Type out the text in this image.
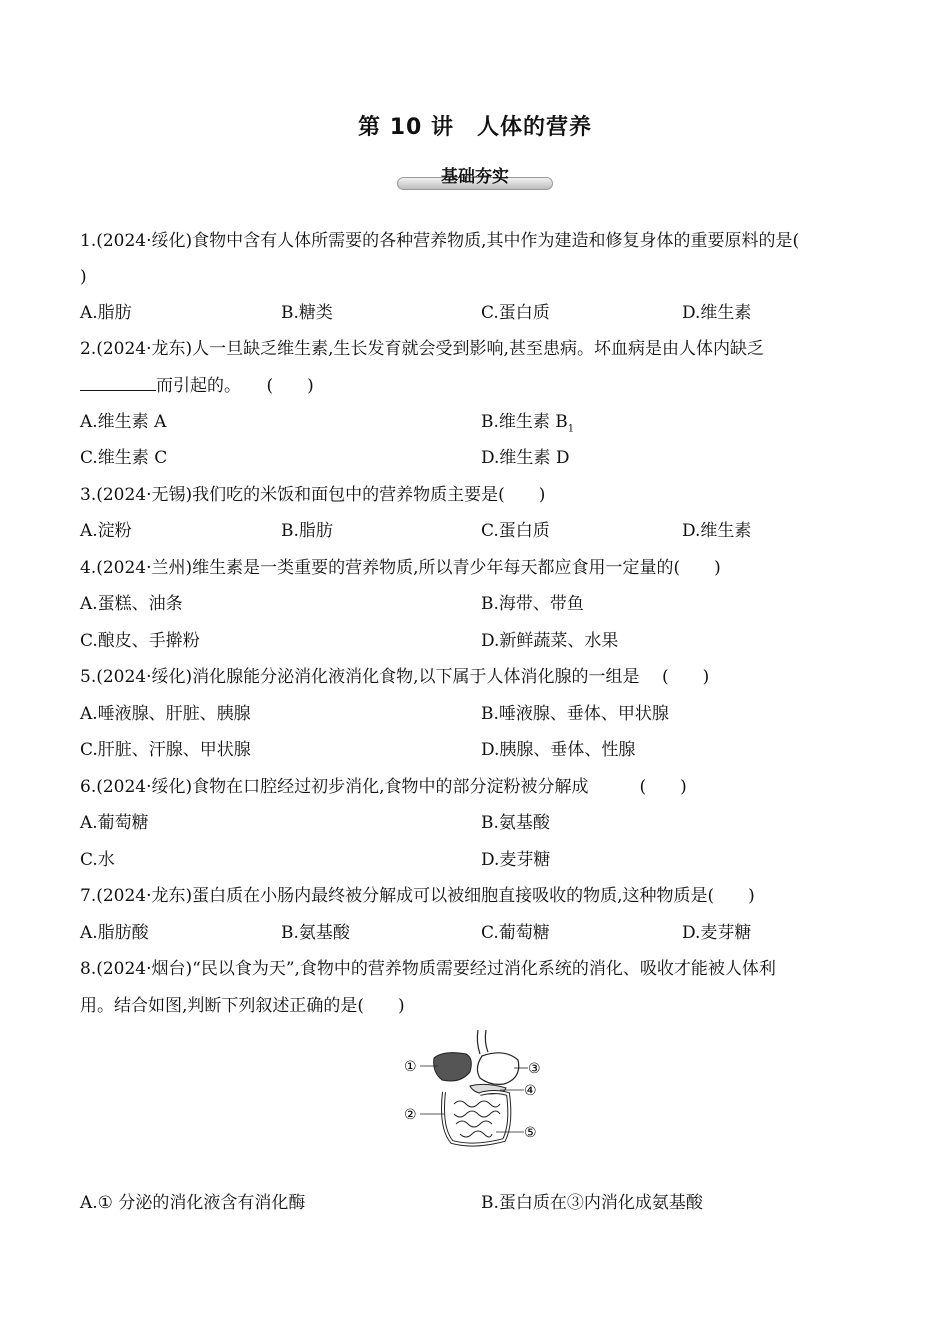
第 10 讲　人体的营养
基础夯实
1.(2024·绥化)食物中含有人体所需要的各种营养物质,其中作为建造和修复身体的重要原料的是(
)
A.脂肪	B.糖类	C.蛋白质	D.维生素
2.(2024·龙东)人一旦缺乏维生素,生长发育就会受到影响,甚至患病。坏血病是由人体内缺乏
而引起的。　　(　　)
A.维生素 A	B.维生素 $B_1$
C.维生素 C	D.维生素 D
3.(2024·无锡)我们吃的米饭和面包中的营养物质主要是(　　)
A.淀粉	B.脂肪	C.蛋白质	D.维生素
4.(2024·兰州)维生素是一类重要的营养物质,所以青少年每天都应食用一定量的(　　)
A.蛋糕、油条	B.海带、带鱼
C.酿皮、手擀粉	D.新鲜蔬菜、水果
5.(2024·绥化)消化腺能分泌消化液消化食物,以下属于人体消化腺的一组是　 (　　)
A.唾液腺、肝脏、胰腺	B.唾液腺、垂体、甲状腺
C.肝脏、汗腺、甲状腺	D.胰腺、垂体、性腺
6.(2024·绥化)食物在口腔经过初步消化,食物中的部分淀粉被分解成　　　(　　)
A.葡萄糖	B.氨基酸
C.水	D.麦芽糖
7.(2024·龙东)蛋白质在小肠内最终被分解成可以被细胞直接吸收的物质,这种物质是(　　)
A.脂肪酸	B.氨基酸	C.葡萄糖	D.麦芽糖
8.(2024·烟台)“民以食为天”,食物中的营养物质需要经过消化系统的消化、吸收才能被人体利
用。结合如图,判断下列叙述正确的是(　　)
①
②
③
④
⑤
A.① 分泌的消化液含有消化酶	B.蛋白质在③内消化成氨基酸
